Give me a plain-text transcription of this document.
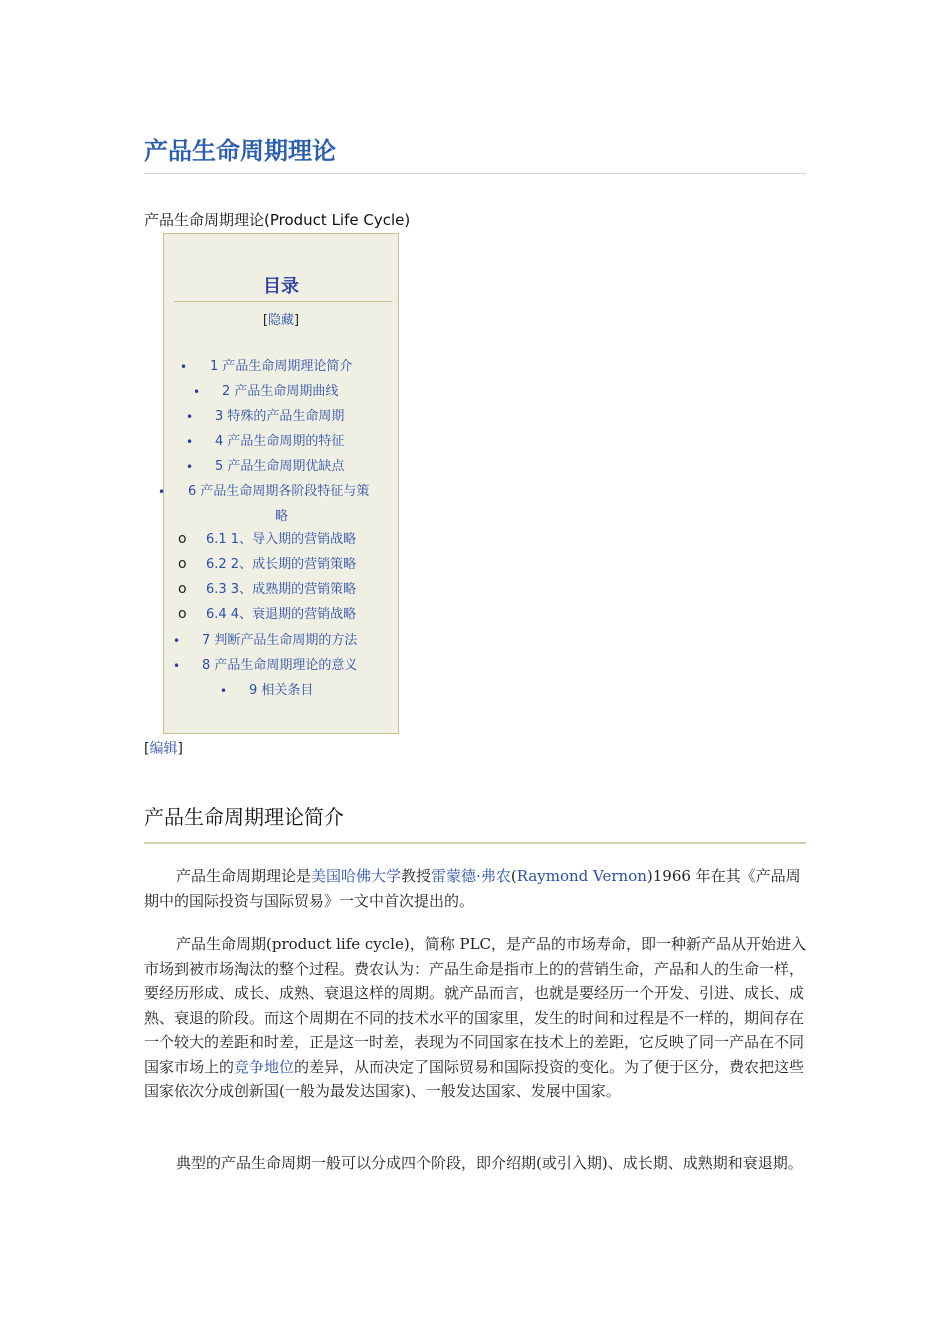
产品生命周期理论
产品生命周期理论(Product Life Cycle)
目录
[隐藏]
• 1 产品生命周期理论简介
• 2 产品生命周期曲线
• 3 特殊的产品生命周期
• 4 产品生命周期的特征
• 5 产品生命周期优缺点
• 6 产品生命周期各阶段特征与策
略
o 6.1 1、导入期的营销战略
o 6.2 2、成长期的营销策略
o 6.3 3、成熟期的营销策略
o 6.4 4、衰退期的营销战略
• 7 判断产品生命周期的方法
• 8 产品生命周期理论的意义
• 9 相关条目
[编辑]
产品生命周期理论简介
产品生命周期理论是美国哈佛大学教授雷蒙德·弗农(Raymond Vernon)1966 年在其《产品周期中的国际投资与国际贸易》一文中首次提出的。
产品生命周期(product life cycle)，简称 PLC，是产品的市场寿命，即一种新产品从开始进入市场到被市场淘汰的整个过程。费农认为：产品生命是指市上的的营销生命，产品和人的生命一样，要经历形成、成长、成熟、衰退这样的周期。就产品而言，也就是要经历一个开发、引进、成长、成熟、衰退的阶段。而这个周期在不同的技术水平的国家里，发生的时间和过程是不一样的，期间存在一个较大的差距和时差，正是这一时差，表现为不同国家在技术上的差距，它反映了同一产品在不同国家市场上的竞争地位的差异，从而决定了国际贸易和国际投资的变化。为了便于区分，费农把这些国家依次分成创新国(一般为最发达国家)、一般发达国家、发展中国家。
典型的产品生命周期一般可以分成四个阶段，即介绍期(或引入期)、成长期、成熟期和衰退期。
